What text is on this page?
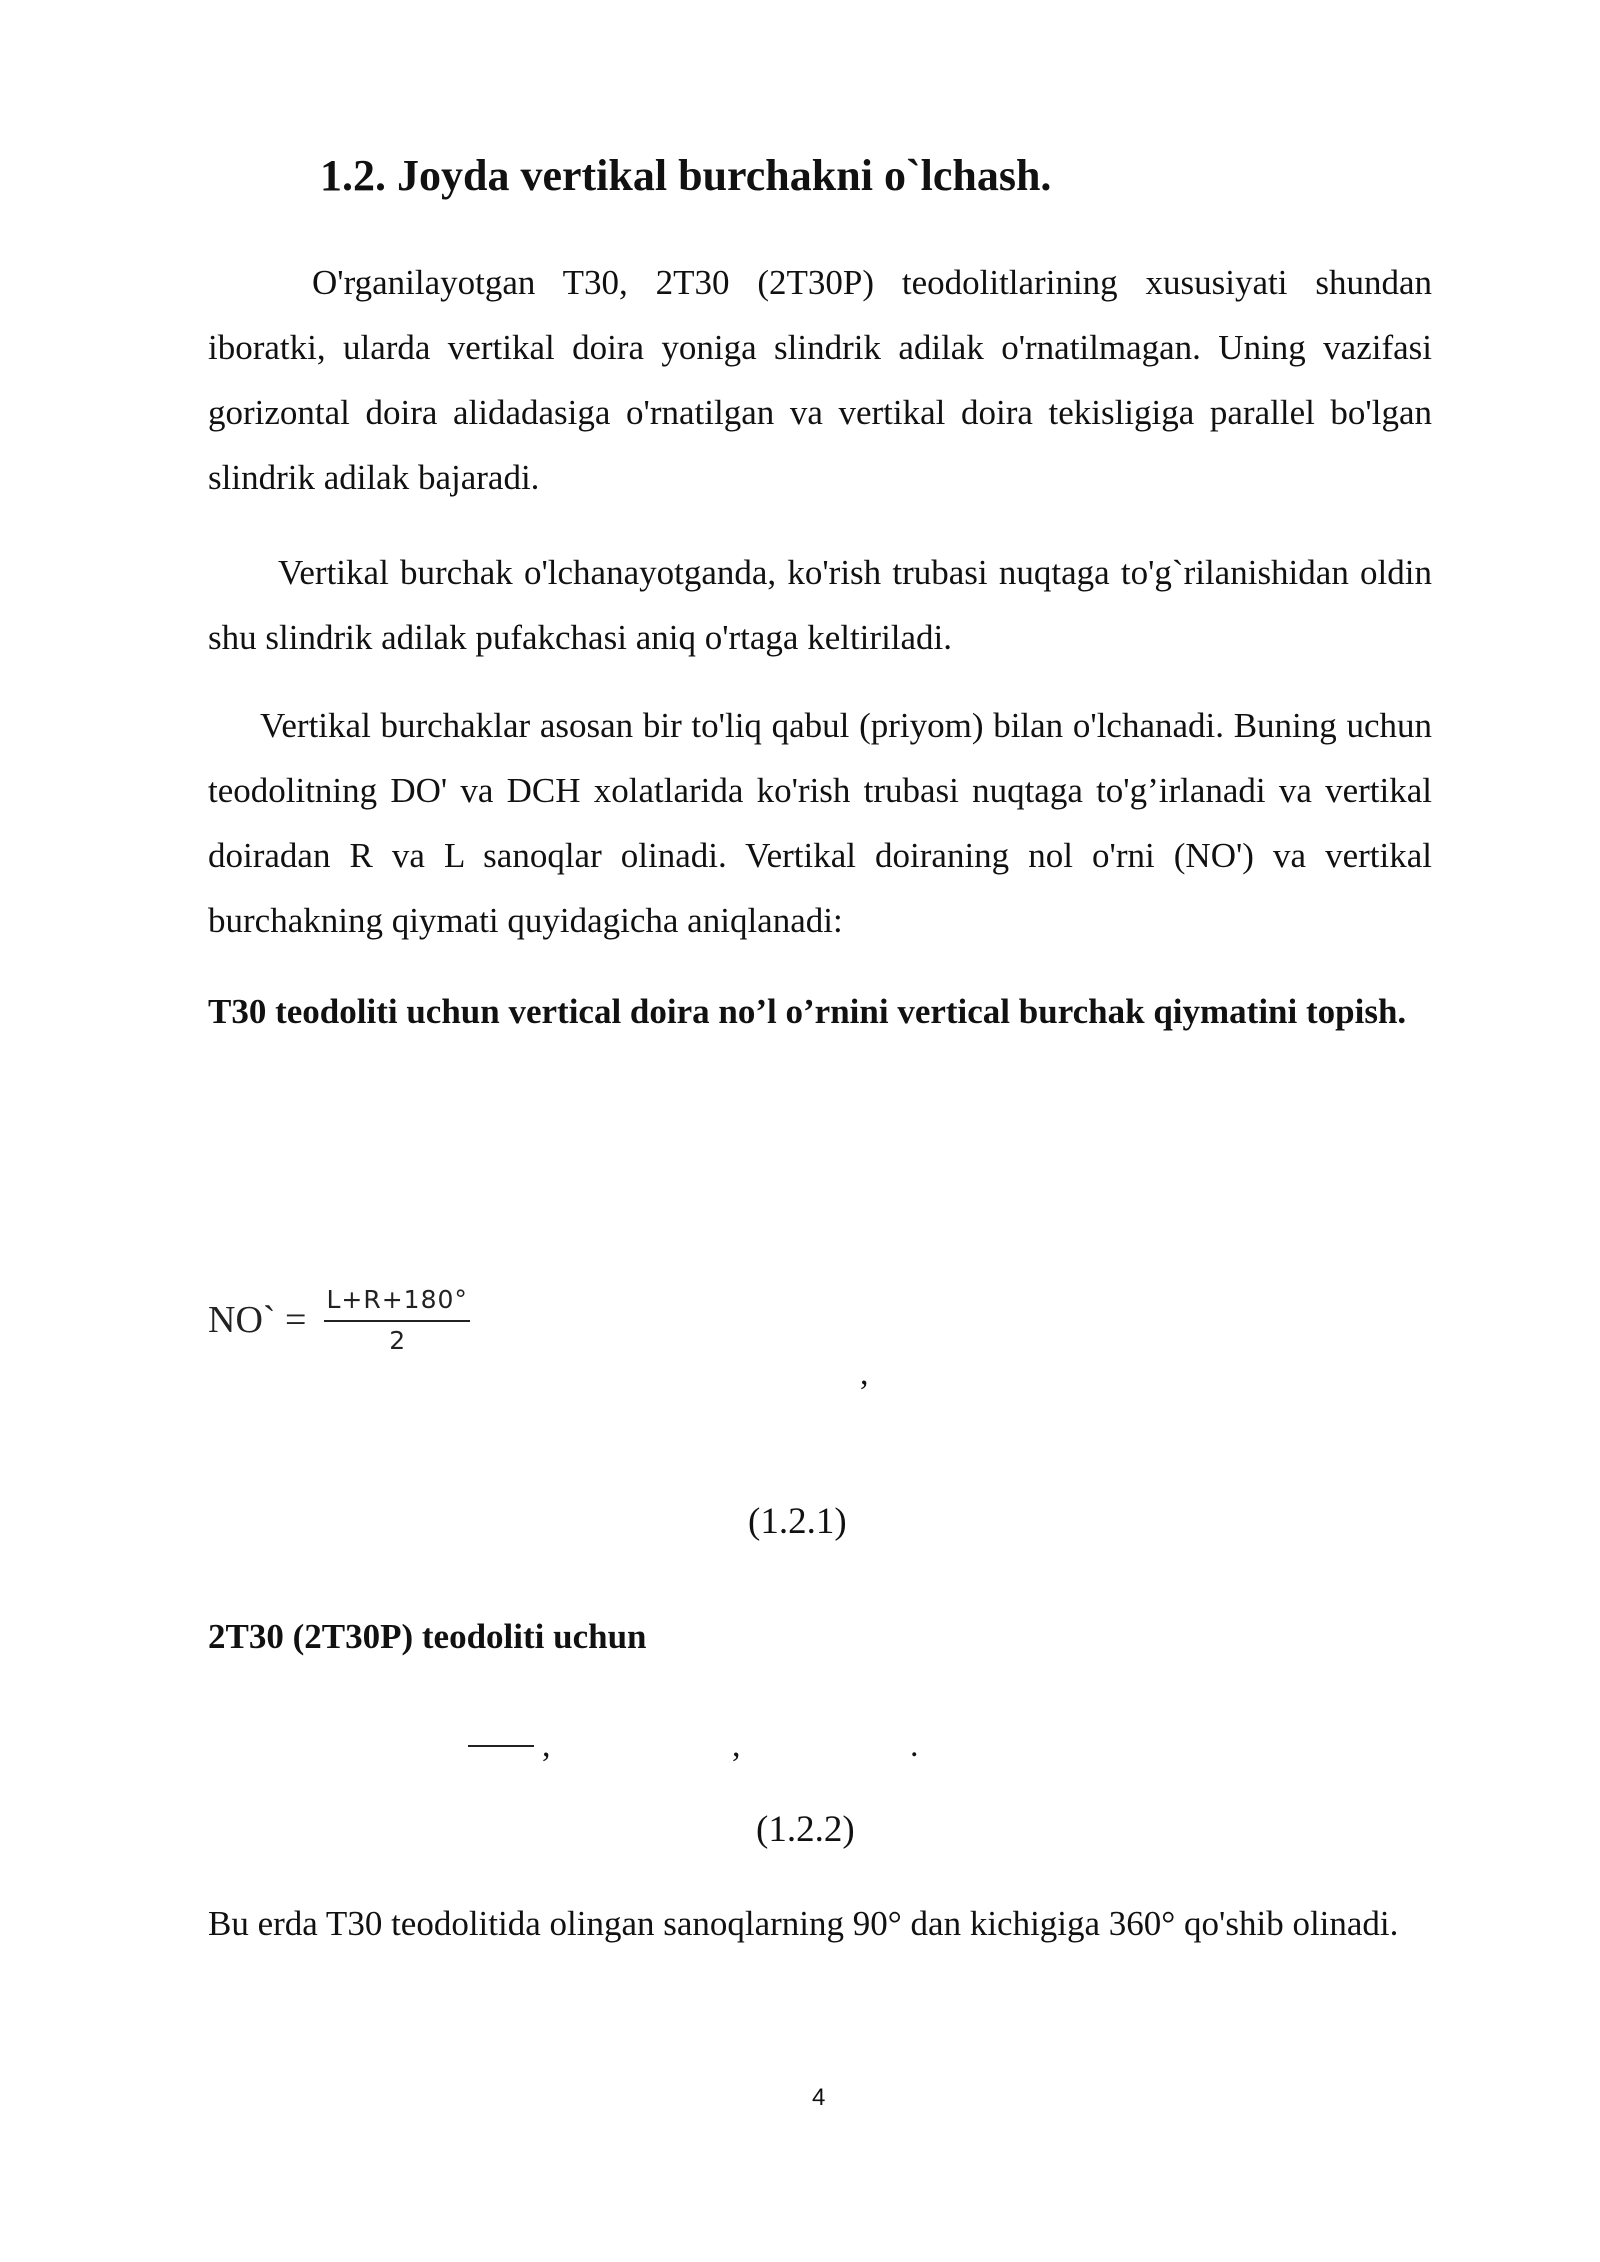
1.2. Joyda vertikal burchakni o`lchash.

O'rganilayotgan T30, 2T30 (2T30P) teodolitlarining xususiyati shundan iboratki, ularda vertikal doira yoniga slindrik adilak o'rnatilmagan. Uning vazifasi gorizontal doira alidadasiga o'rnatilgan va vertikal doira tekisligiga parallel bo'lgan slindrik adilak bajaradi.

Vertikal burchak o'lchanayotganda, ko'rish trubasi nuqtaga to'g`rilanishidan oldin shu slindrik adilak pufakchasi aniq o'rtaga keltiriladi.

Vertikal burchaklar asosan bir to'liq qabul (priyom) bilan o'lchanadi. Buning uchun teodolitning DO' va DCH xolatlarida ko'rish trubasi nuqtaga to'g’irlanadi va vertikal doiradan R va L sanoqlar olinadi. Vertikal doiraning nol o'rni (NO') va vertikal burchakning qiymati quyidagicha aniqlanadi:

T30 teodoliti uchun vertical doira no’l o’rnini vertical burchak qiymatini topish.

NO` = $\frac{L+R+180^\circ}{2}$
,
(1.2.1)
2T30 (2T30P) teodoliti uchun
,	,	.
(1.2.2)

Bu erda T30 teodolitida olingan sanoqlarning 90° dan kichigiga 360° qo'shib olinadi.

4
